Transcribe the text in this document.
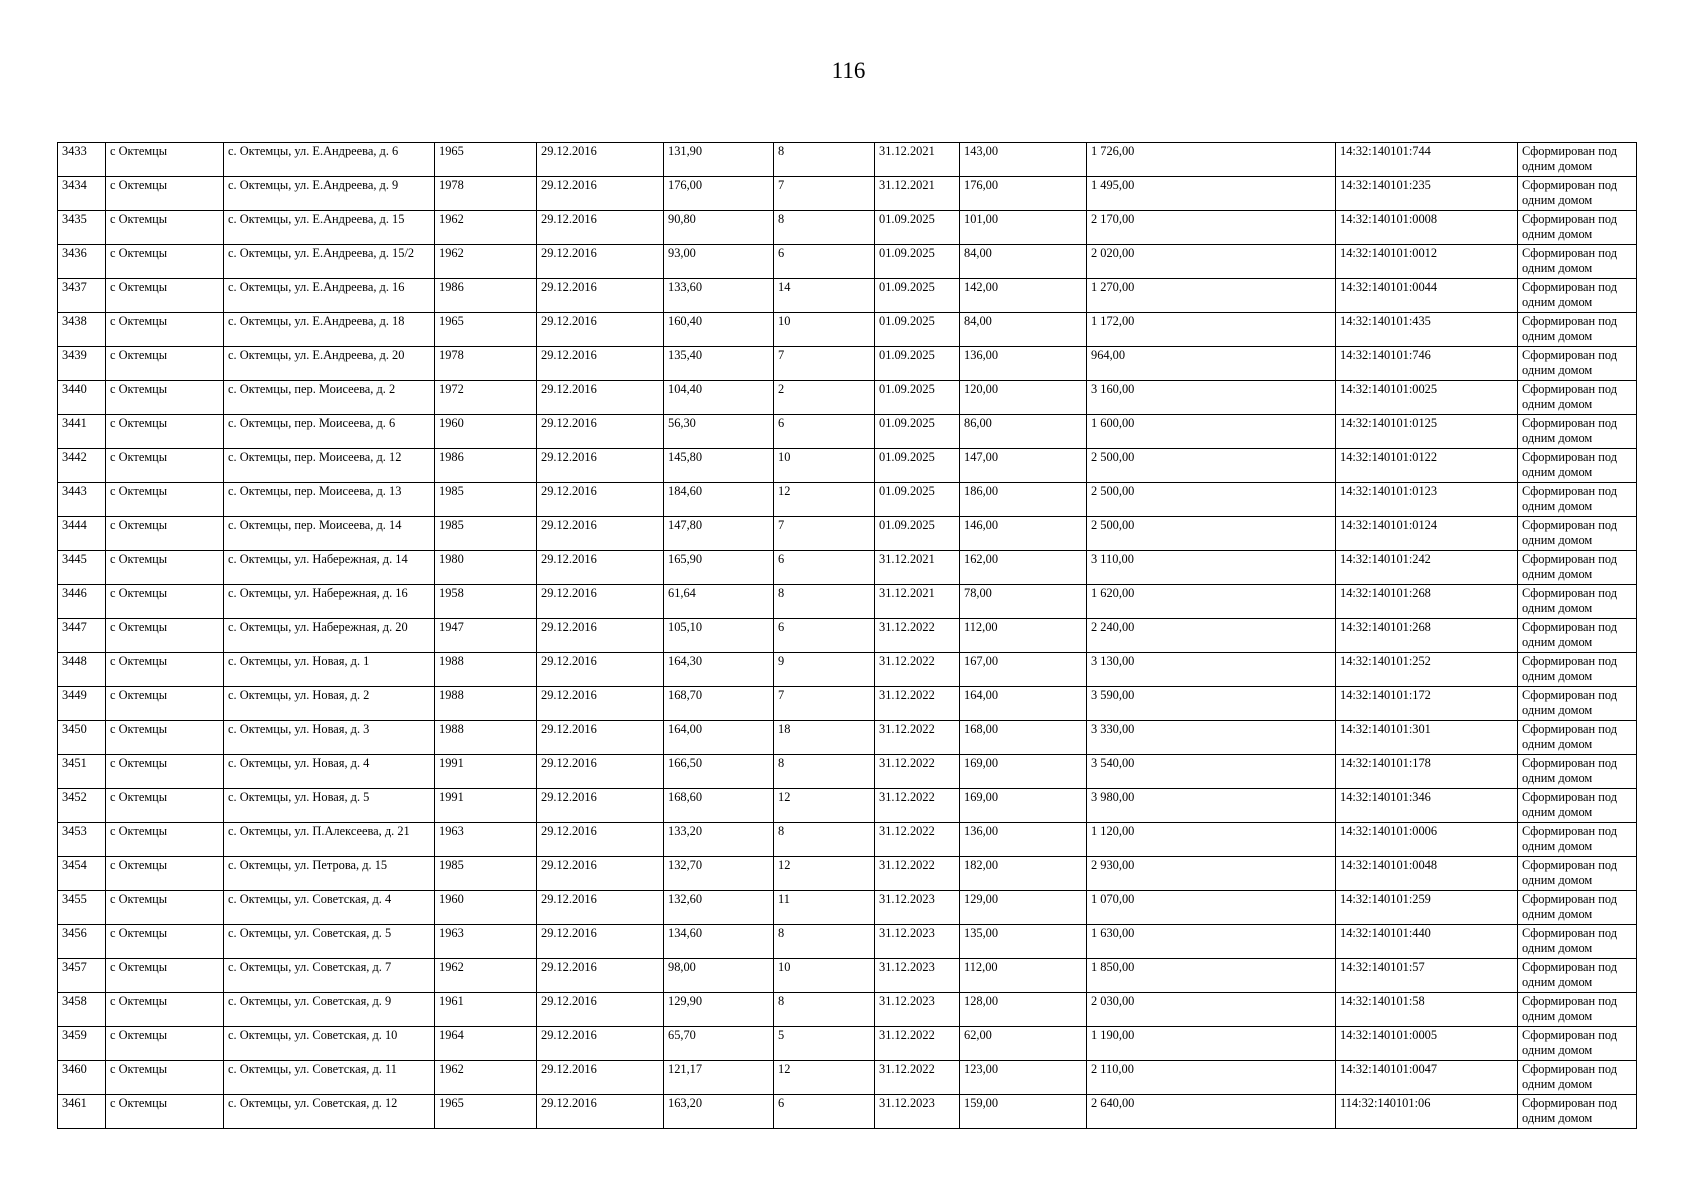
116
3433	с Октемцы	с. Октемцы, ул. Е.Андреева, д. 6	1965	29.12.2016	131,90	8	31.12.2021	143,00	1 726,00	14:32:140101:744	Сформирован под одним домом
3434	с Октемцы	с. Октемцы, ул. Е.Андреева, д. 9	1978	29.12.2016	176,00	7	31.12.2021	176,00	1 495,00	14:32:140101:235	Сформирован под одним домом
3435	с Октемцы	с. Октемцы, ул. Е.Андреева, д. 15	1962	29.12.2016	90,80	8	01.09.2025	101,00	2 170,00	14:32:140101:0008	Сформирован под одним домом
3436	с Октемцы	с. Октемцы, ул. Е.Андреева, д. 15/2	1962	29.12.2016	93,00	6	01.09.2025	84,00	2 020,00	14:32:140101:0012	Сформирован под одним домом
3437	с Октемцы	с. Октемцы, ул. Е.Андреева, д. 16	1986	29.12.2016	133,60	14	01.09.2025	142,00	1 270,00	14:32:140101:0044	Сформирован под одним домом
3438	с Октемцы	с. Октемцы, ул. Е.Андреева, д. 18	1965	29.12.2016	160,40	10	01.09.2025	84,00	1 172,00	14:32:140101:435	Сформирован под одним домом
3439	с Октемцы	с. Октемцы, ул. Е.Андреева, д. 20	1978	29.12.2016	135,40	7	01.09.2025	136,00	964,00	14:32:140101:746	Сформирован под одним домом
3440	с Октемцы	с. Октемцы, пер. Моисеева, д. 2	1972	29.12.2016	104,40	2	01.09.2025	120,00	3 160,00	14:32:140101:0025	Сформирован под одним домом
3441	с Октемцы	с. Октемцы, пер. Моисеева, д. 6	1960	29.12.2016	56,30	6	01.09.2025	86,00	1 600,00	14:32:140101:0125	Сформирован под одним домом
3442	с Октемцы	с. Октемцы, пер. Моисеева, д. 12	1986	29.12.2016	145,80	10	01.09.2025	147,00	2 500,00	14:32:140101:0122	Сформирован под одним домом
3443	с Октемцы	с. Октемцы, пер. Моисеева, д. 13	1985	29.12.2016	184,60	12	01.09.2025	186,00	2 500,00	14:32:140101:0123	Сформирован под одним домом
3444	с Октемцы	с. Октемцы, пер. Моисеева, д. 14	1985	29.12.2016	147,80	7	01.09.2025	146,00	2 500,00	14:32:140101:0124	Сформирован под одним домом
3445	с Октемцы	с. Октемцы, ул. Набережная, д. 14	1980	29.12.2016	165,90	6	31.12.2021	162,00	3 110,00	14:32:140101:242	Сформирован под одним домом
3446	с Октемцы	с. Октемцы, ул. Набережная, д. 16	1958	29.12.2016	61,64	8	31.12.2021	78,00	1 620,00	14:32:140101:268	Сформирован под одним домом
3447	с Октемцы	с. Октемцы, ул. Набережная, д. 20	1947	29.12.2016	105,10	6	31.12.2022	112,00	2 240,00	14:32:140101:268	Сформирован под одним домом
3448	с Октемцы	с. Октемцы, ул. Новая, д. 1	1988	29.12.2016	164,30	9	31.12.2022	167,00	3 130,00	14:32:140101:252	Сформирован под одним домом
3449	с Октемцы	с. Октемцы, ул. Новая, д. 2	1988	29.12.2016	168,70	7	31.12.2022	164,00	3 590,00	14:32:140101:172	Сформирован под одним домом
3450	с Октемцы	с. Октемцы, ул. Новая, д. 3	1988	29.12.2016	164,00	18	31.12.2022	168,00	3 330,00	14:32:140101:301	Сформирован под одним домом
3451	с Октемцы	с. Октемцы, ул. Новая, д. 4	1991	29.12.2016	166,50	8	31.12.2022	169,00	3 540,00	14:32:140101:178	Сформирован под одним домом
3452	с Октемцы	с. Октемцы, ул. Новая, д. 5	1991	29.12.2016	168,60	12	31.12.2022	169,00	3 980,00	14:32:140101:346	Сформирован под одним домом
3453	с Октемцы	с. Октемцы, ул. П.Алексеева, д. 21	1963	29.12.2016	133,20	8	31.12.2022	136,00	1 120,00	14:32:140101:0006	Сформирован под одним домом
3454	с Октемцы	с. Октемцы, ул. Петрова, д. 15	1985	29.12.2016	132,70	12	31.12.2022	182,00	2 930,00	14:32:140101:0048	Сформирован под одним домом
3455	с Октемцы	с. Октемцы, ул. Советская, д. 4	1960	29.12.2016	132,60	11	31.12.2023	129,00	1 070,00	14:32:140101:259	Сформирован под одним домом
3456	с Октемцы	с. Октемцы, ул. Советская, д. 5	1963	29.12.2016	134,60	8	31.12.2023	135,00	1 630,00	14:32:140101:440	Сформирован под одним домом
3457	с Октемцы	с. Октемцы, ул. Советская, д. 7	1962	29.12.2016	98,00	10	31.12.2023	112,00	1 850,00	14:32:140101:57	Сформирован под одним домом
3458	с Октемцы	с. Октемцы, ул. Советская, д. 9	1961	29.12.2016	129,90	8	31.12.2023	128,00	2 030,00	14:32:140101:58	Сформирован под одним домом
3459	с Октемцы	с. Октемцы, ул. Советская, д. 10	1964	29.12.2016	65,70	5	31.12.2022	62,00	1 190,00	14:32:140101:0005	Сформирован под одним домом
3460	с Октемцы	с. Октемцы, ул. Советская, д. 11	1962	29.12.2016	121,17	12	31.12.2022	123,00	2 110,00	14:32:140101:0047	Сформирован под одним домом
3461	с Октемцы	с. Октемцы, ул. Советская, д. 12	1965	29.12.2016	163,20	6	31.12.2023	159,00	2 640,00	114:32:140101:06	Сформирован под одним домом
